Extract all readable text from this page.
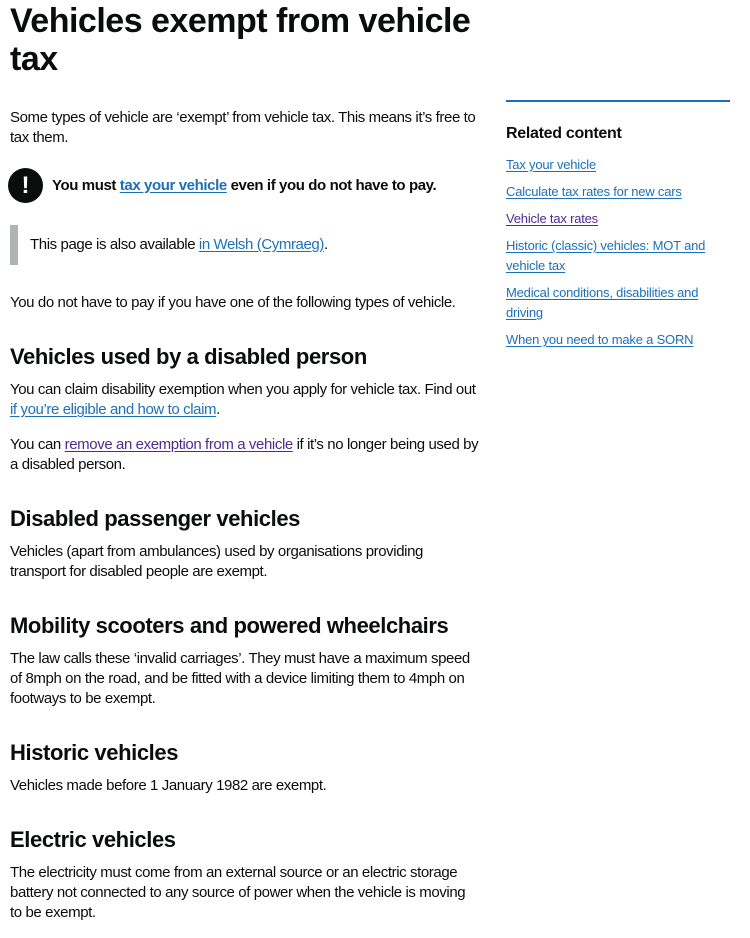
Vehicles exempt from vehicle tax

Some types of vehicle are ‘exempt’ from vehicle tax. This means it’s free to tax them.

!	You must tax your vehicle even if you do not have to pay.
This page is also available in Welsh (Cymraeg).

You do not have to pay if you have one of the following types of vehicle.

Vehicles used by a disabled person

You can claim disability exemption when you apply for vehicle tax. Find out if you’re eligible and how to claim.

You can remove an exemption from a vehicle if it’s no longer being used by a disabled person.

Disabled passenger vehicles

Vehicles (apart from ambulances) used by organisations providing transport for disabled people are exempt.

Mobility scooters and powered wheelchairs

The law calls these ‘invalid carriages’. They must have a maximum speed of 8mph on the road, and be fitted with a device limiting them to 4mph on footways to be exempt.

Historic vehicles

Vehicles made before 1 January 1982 are exempt.

Electric vehicles

The electricity must come from an external source or an electric storage battery not connected to any source of power when the vehicle is moving to be exempt.

Related content
Tax your vehicle
Calculate tax rates for new cars
Vehicle tax rates
Historic (classic) vehicles: MOT and vehicle tax
Medical conditions, disabilities and driving
When you need to make a SORN
